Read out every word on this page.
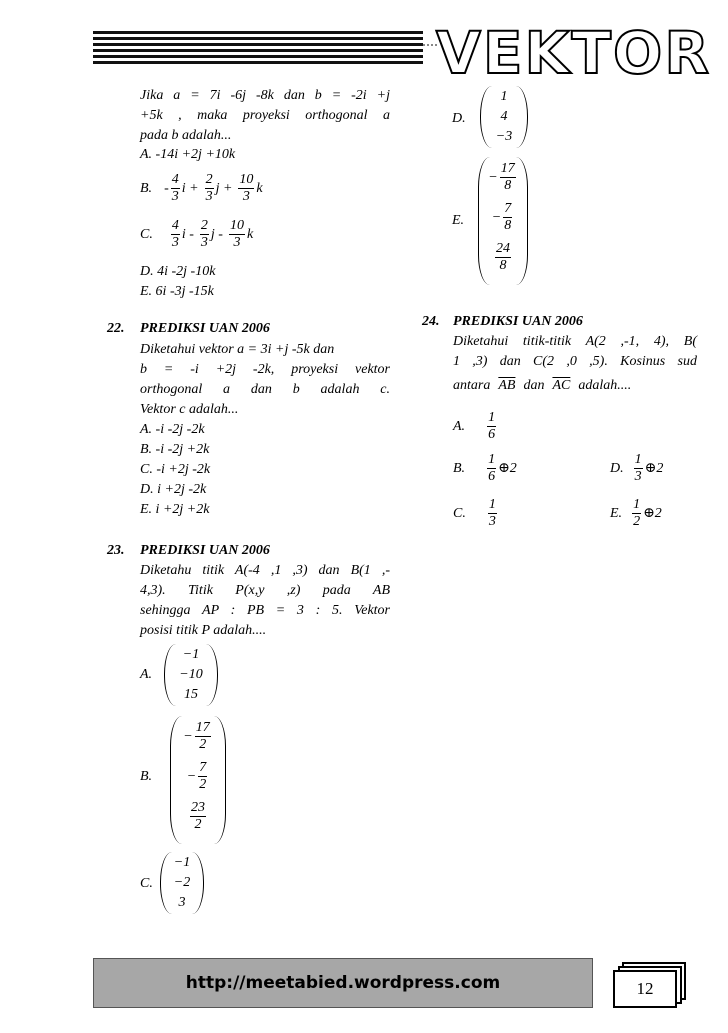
VEKTOR
Jika a = 7i -6j -8k dan b = -2i +j
+5k , maka proyeksi orthogonal a
pada b adalah...
A. -14i +2j +10k
B. - $\frac{4}{3}$ $i + \frac{2}{3}$ $j + \frac{10}{3}$ k
C. $\frac{4}{3}$ i - $\frac{2}{3}$ j - $\frac{10}{3}$ k
D. 4i -2j -10k
E. 6i -3j -15k
22. PREDIKSI UAN 2006
Diketahui vektor a = 3i +j -5k dan
b = -i +2j -2k, proyeksi vektor
orthogonal a dan b adalah c.
Vektor c adalah...
A. -i -2j -2k
B. -i -2j +2k
C. -i +2j -2k
D. i +2j -2k
E. i +2j +2k
23. PREDIKSI UAN 2006
Diketahu titik A(-4 ,1 ,3) dan B(1 ,-
4,3). Titik P(x,y ,z) pada AB
sehingga AP : PB = 3 : 5. Vektor
posisi titik P adalah....
A.
−1
−10
15
B.
− $\frac{17}{2}$
− $\frac{7}{2}$
$\frac{23}{2}$
C.
−1
−2
3
D.
1
4
−3
E.
− $\frac{17}{8}$
− $\frac{7}{8}$
$\frac{24}{8}$
24. PREDIKSI UAN 2006
Diketahui titik-titik A(2 ,-1, 4), B(
1 ,3) dan C(2 ,0 ,5). Kosinus sud
antara $\overline{AB}$ dan $\overline{AC}$ adalah....
A. $\frac{1}{6}$
B. $\frac{1}{6}$ ⊕2
C. $\frac{1}{3}$
D. $\frac{1}{3}$ ⊕2
E. $\frac{1}{2}$ ⊕2
http://meetabied.wordpress.com	12
